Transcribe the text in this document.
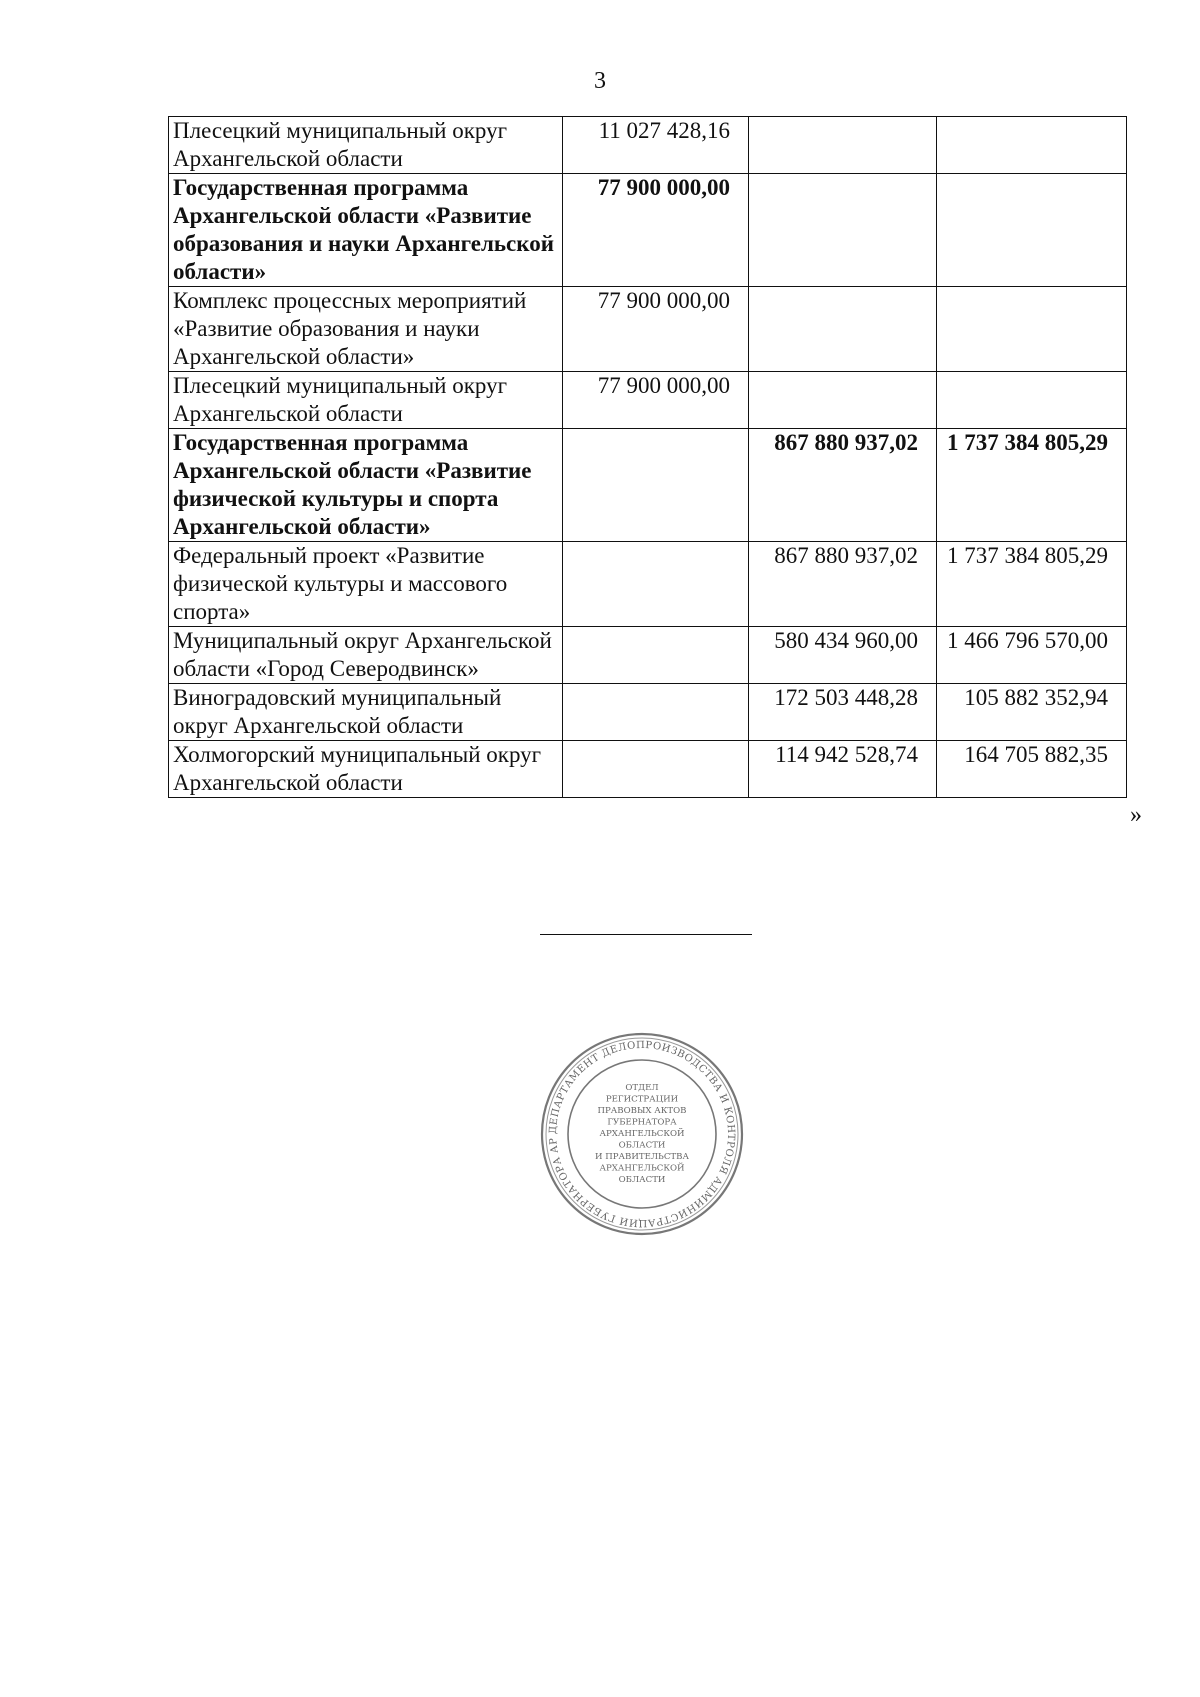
3
Плесецкий муниципальный округ Архангельской области	11 027 428,16		
Государственная программа Архангельской области «Развитие образования и науки Архангельской области»	77 900 000,00		
Комплекс процессных мероприятий «Развитие образования и науки Архангельской области»	77 900 000,00		
Плесецкий муниципальный округ Архангельской области	77 900 000,00		
Государственная программа Архангельской области «Развитие физической культуры и спорта Архангельской области»		867 880 937,02	1 737 384 805,29
Федеральный проект «Развитие физической культуры и массового спорта»		867 880 937,02	1 737 384 805,29
Муниципальный округ Архангельской области «Город Северодвинск»		580 434 960,00	1 466 796 570,00
Виноградовский муниципальный округ Архангельской области		172 503 448,28	105 882 352,94
Холмогорский муниципальный округ Архангельской области		114 942 528,74	164 705 882,35
»
ДЕПАРТАМЕНТ ДЕЛОПРОИЗВОДСТВА И КОНТРОЛЯ АДМИНИСТРАЦИИ ГУБЕРНАТОРА АР
ОТДЕЛ
РЕГИСТРАЦИИ
ПРАВОВЫХ АКТОВ
ГУБЕРНАТОРА
АРХАНГЕЛЬСКОЙ
ОБЛАСТИ
И ПРАВИТЕЛЬСТВА
АРХАНГЕЛЬСКОЙ
ОБЛАСТИ
